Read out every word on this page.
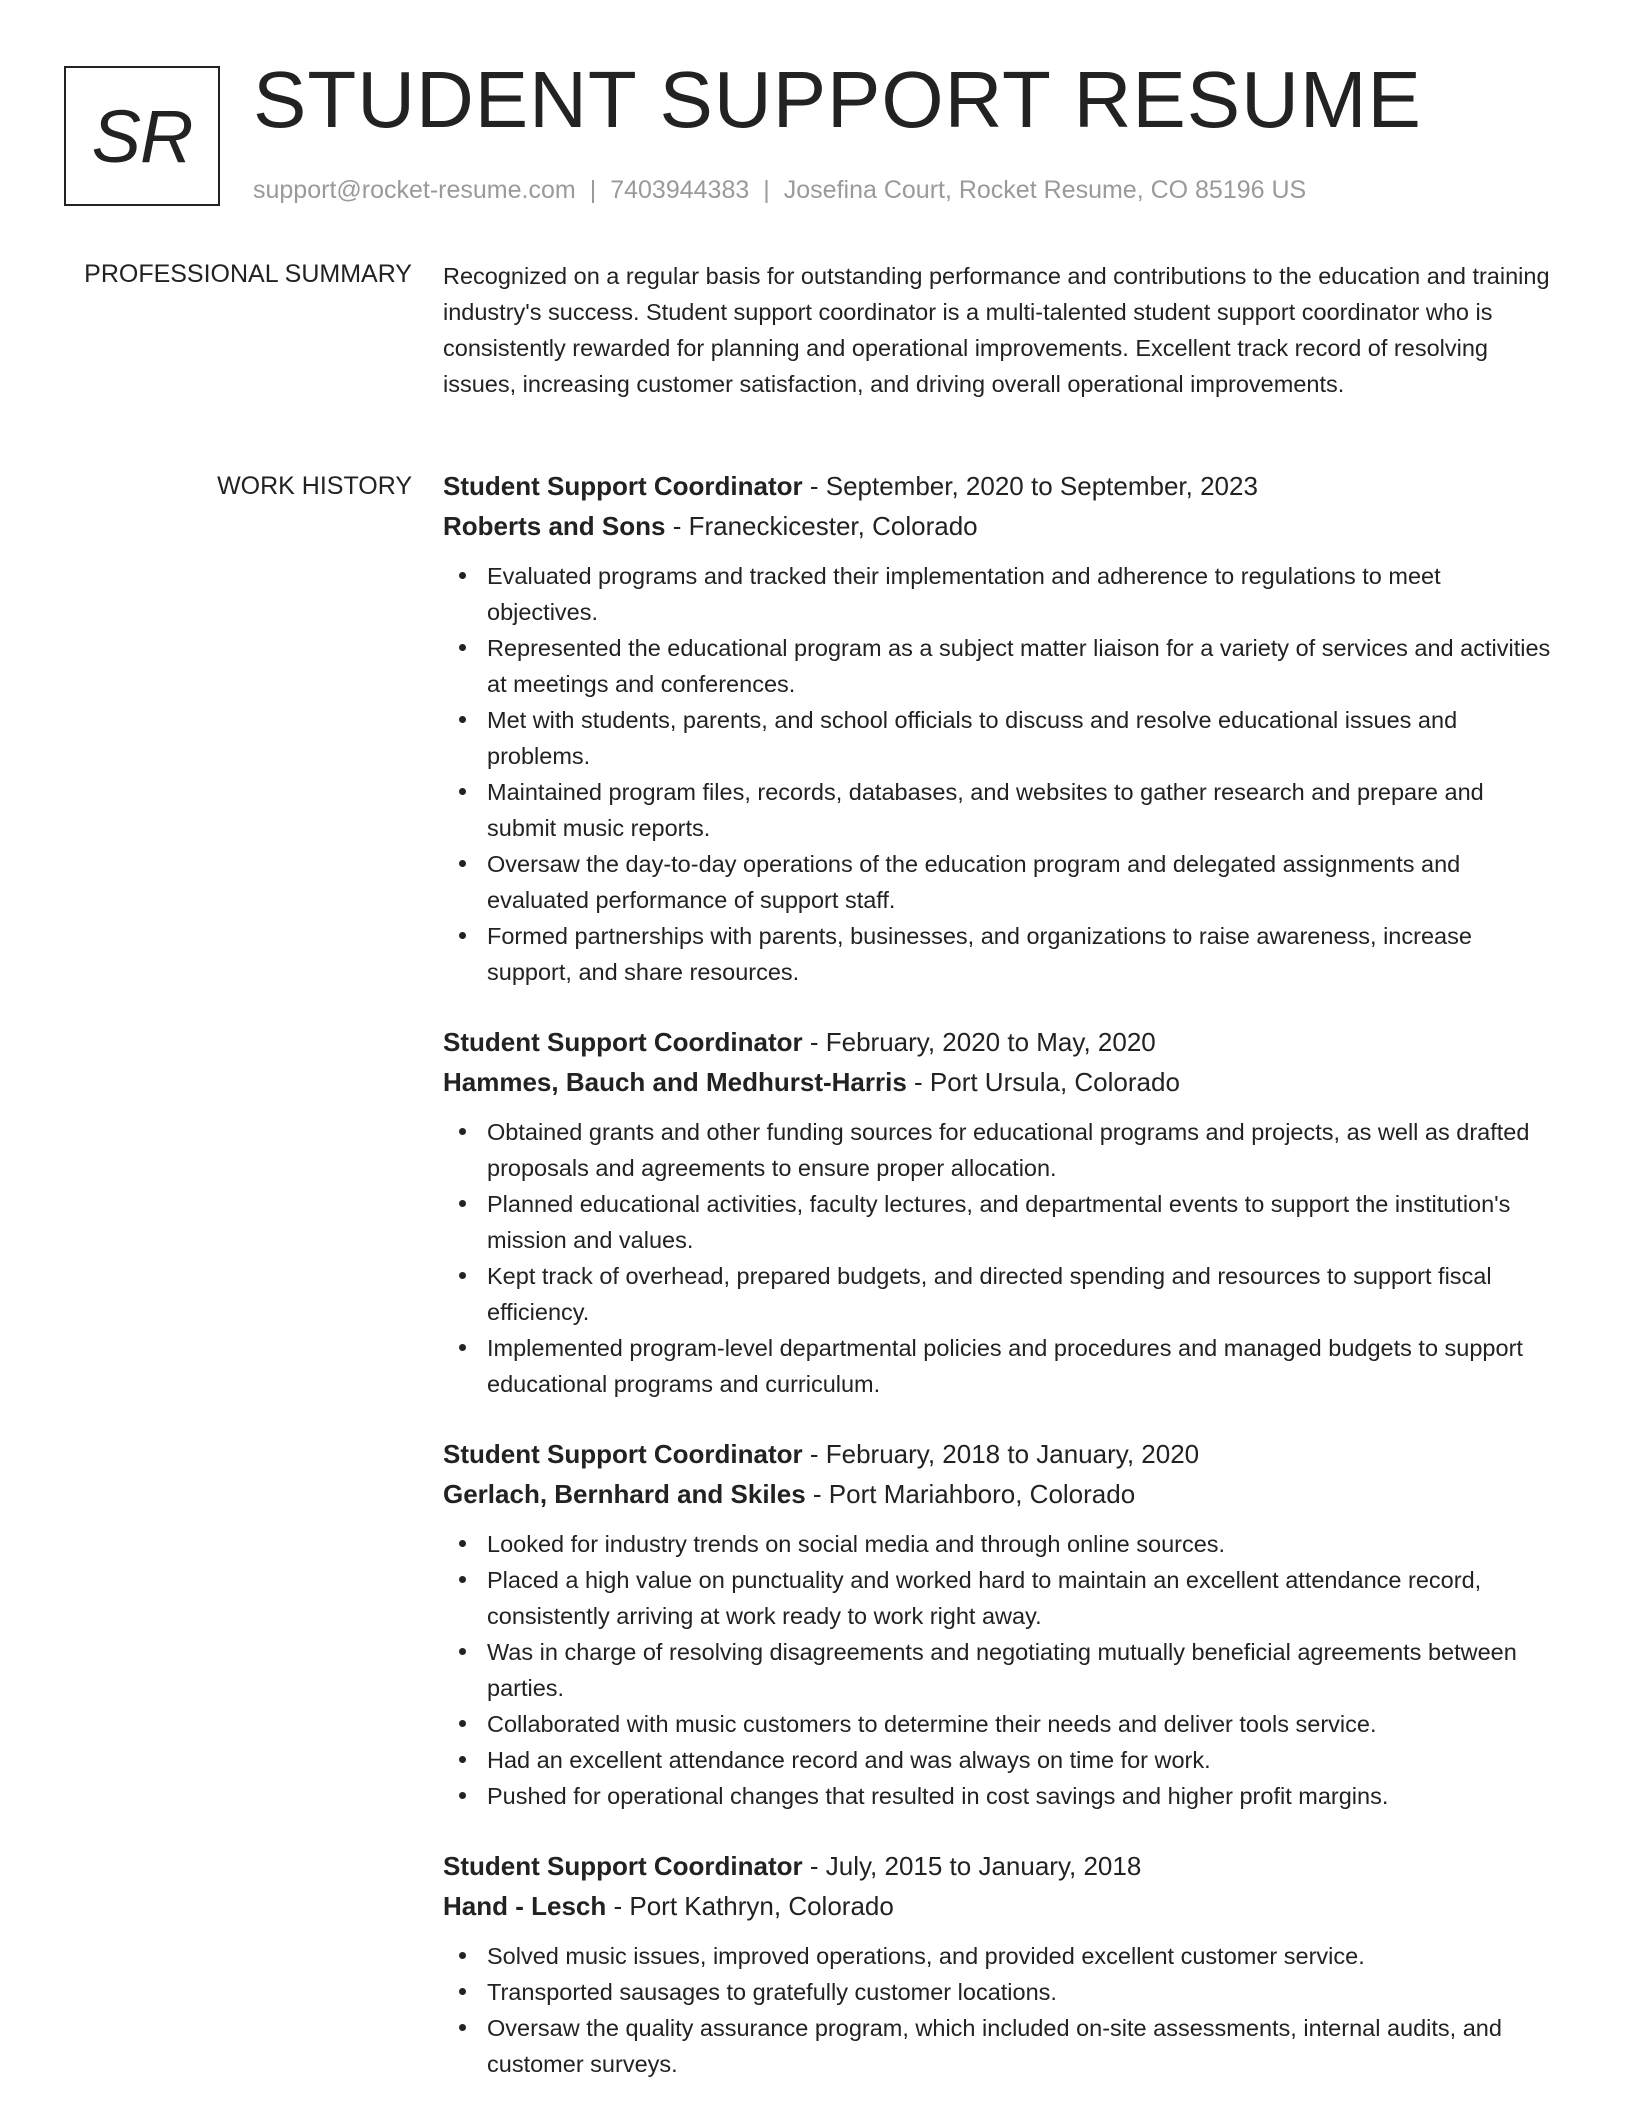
SR STUDENT SUPPORT RESUME
support@rocket-resume.com | 7403944383 | Josefina Court, Rocket Resume, CO 85196 US
PROFESSIONAL SUMMARY Recognized on a regular basis for outstanding performance and contributions to the education and training industry's success. Student support coordinator is a multi-talented student support coordinator who is consistently rewarded for planning and operational improvements. Excellent track record of resolving issues, increasing customer satisfaction, and driving overall operational improvements.

WORK HISTORY Student Support Coordinator - September, 2020 to September, 2023
Roberts and Sons - Franeckicester, Colorado
Evaluated programs and tracked their implementation and adherence to regulations to meet objectives.
Represented the educational program as a subject matter liaison for a variety of services and activities at meetings and conferences.
Met with students, parents, and school officials to discuss and resolve educational issues and problems.
Maintained program files, records, databases, and websites to gather research and prepare and submit music reports.
Oversaw the day-to-day operations of the education program and delegated assignments and evaluated performance of support staff.
Formed partnerships with parents, businesses, and organizations to raise awareness, increase support, and share resources.
Student Support Coordinator - February, 2020 to May, 2020
Hammes, Bauch and Medhurst-Harris - Port Ursula, Colorado
Obtained grants and other funding sources for educational programs and projects, as well as drafted proposals and agreements to ensure proper allocation.
Planned educational activities, faculty lectures, and departmental events to support the institution's mission and values.
Kept track of overhead, prepared budgets, and directed spending and resources to support fiscal efficiency.
Implemented program-level departmental policies and procedures and managed budgets to support educational programs and curriculum.
Student Support Coordinator - February, 2018 to January, 2020
Gerlach, Bernhard and Skiles - Port Mariahboro, Colorado
Looked for industry trends on social media and through online sources.
Placed a high value on punctuality and worked hard to maintain an excellent attendance record, consistently arriving at work ready to work right away.
Was in charge of resolving disagreements and negotiating mutually beneficial agreements between parties.
Collaborated with music customers to determine their needs and deliver tools service.
Had an excellent attendance record and was always on time for work.
Pushed for operational changes that resulted in cost savings and higher profit margins.
Student Support Coordinator - July, 2015 to January, 2018
Hand - Lesch - Port Kathryn, Colorado
Solved music issues, improved operations, and provided excellent customer service.
Transported sausages to gratefully customer locations.
Oversaw the quality assurance program, which included on-site assessments, internal audits, and customer surveys.
